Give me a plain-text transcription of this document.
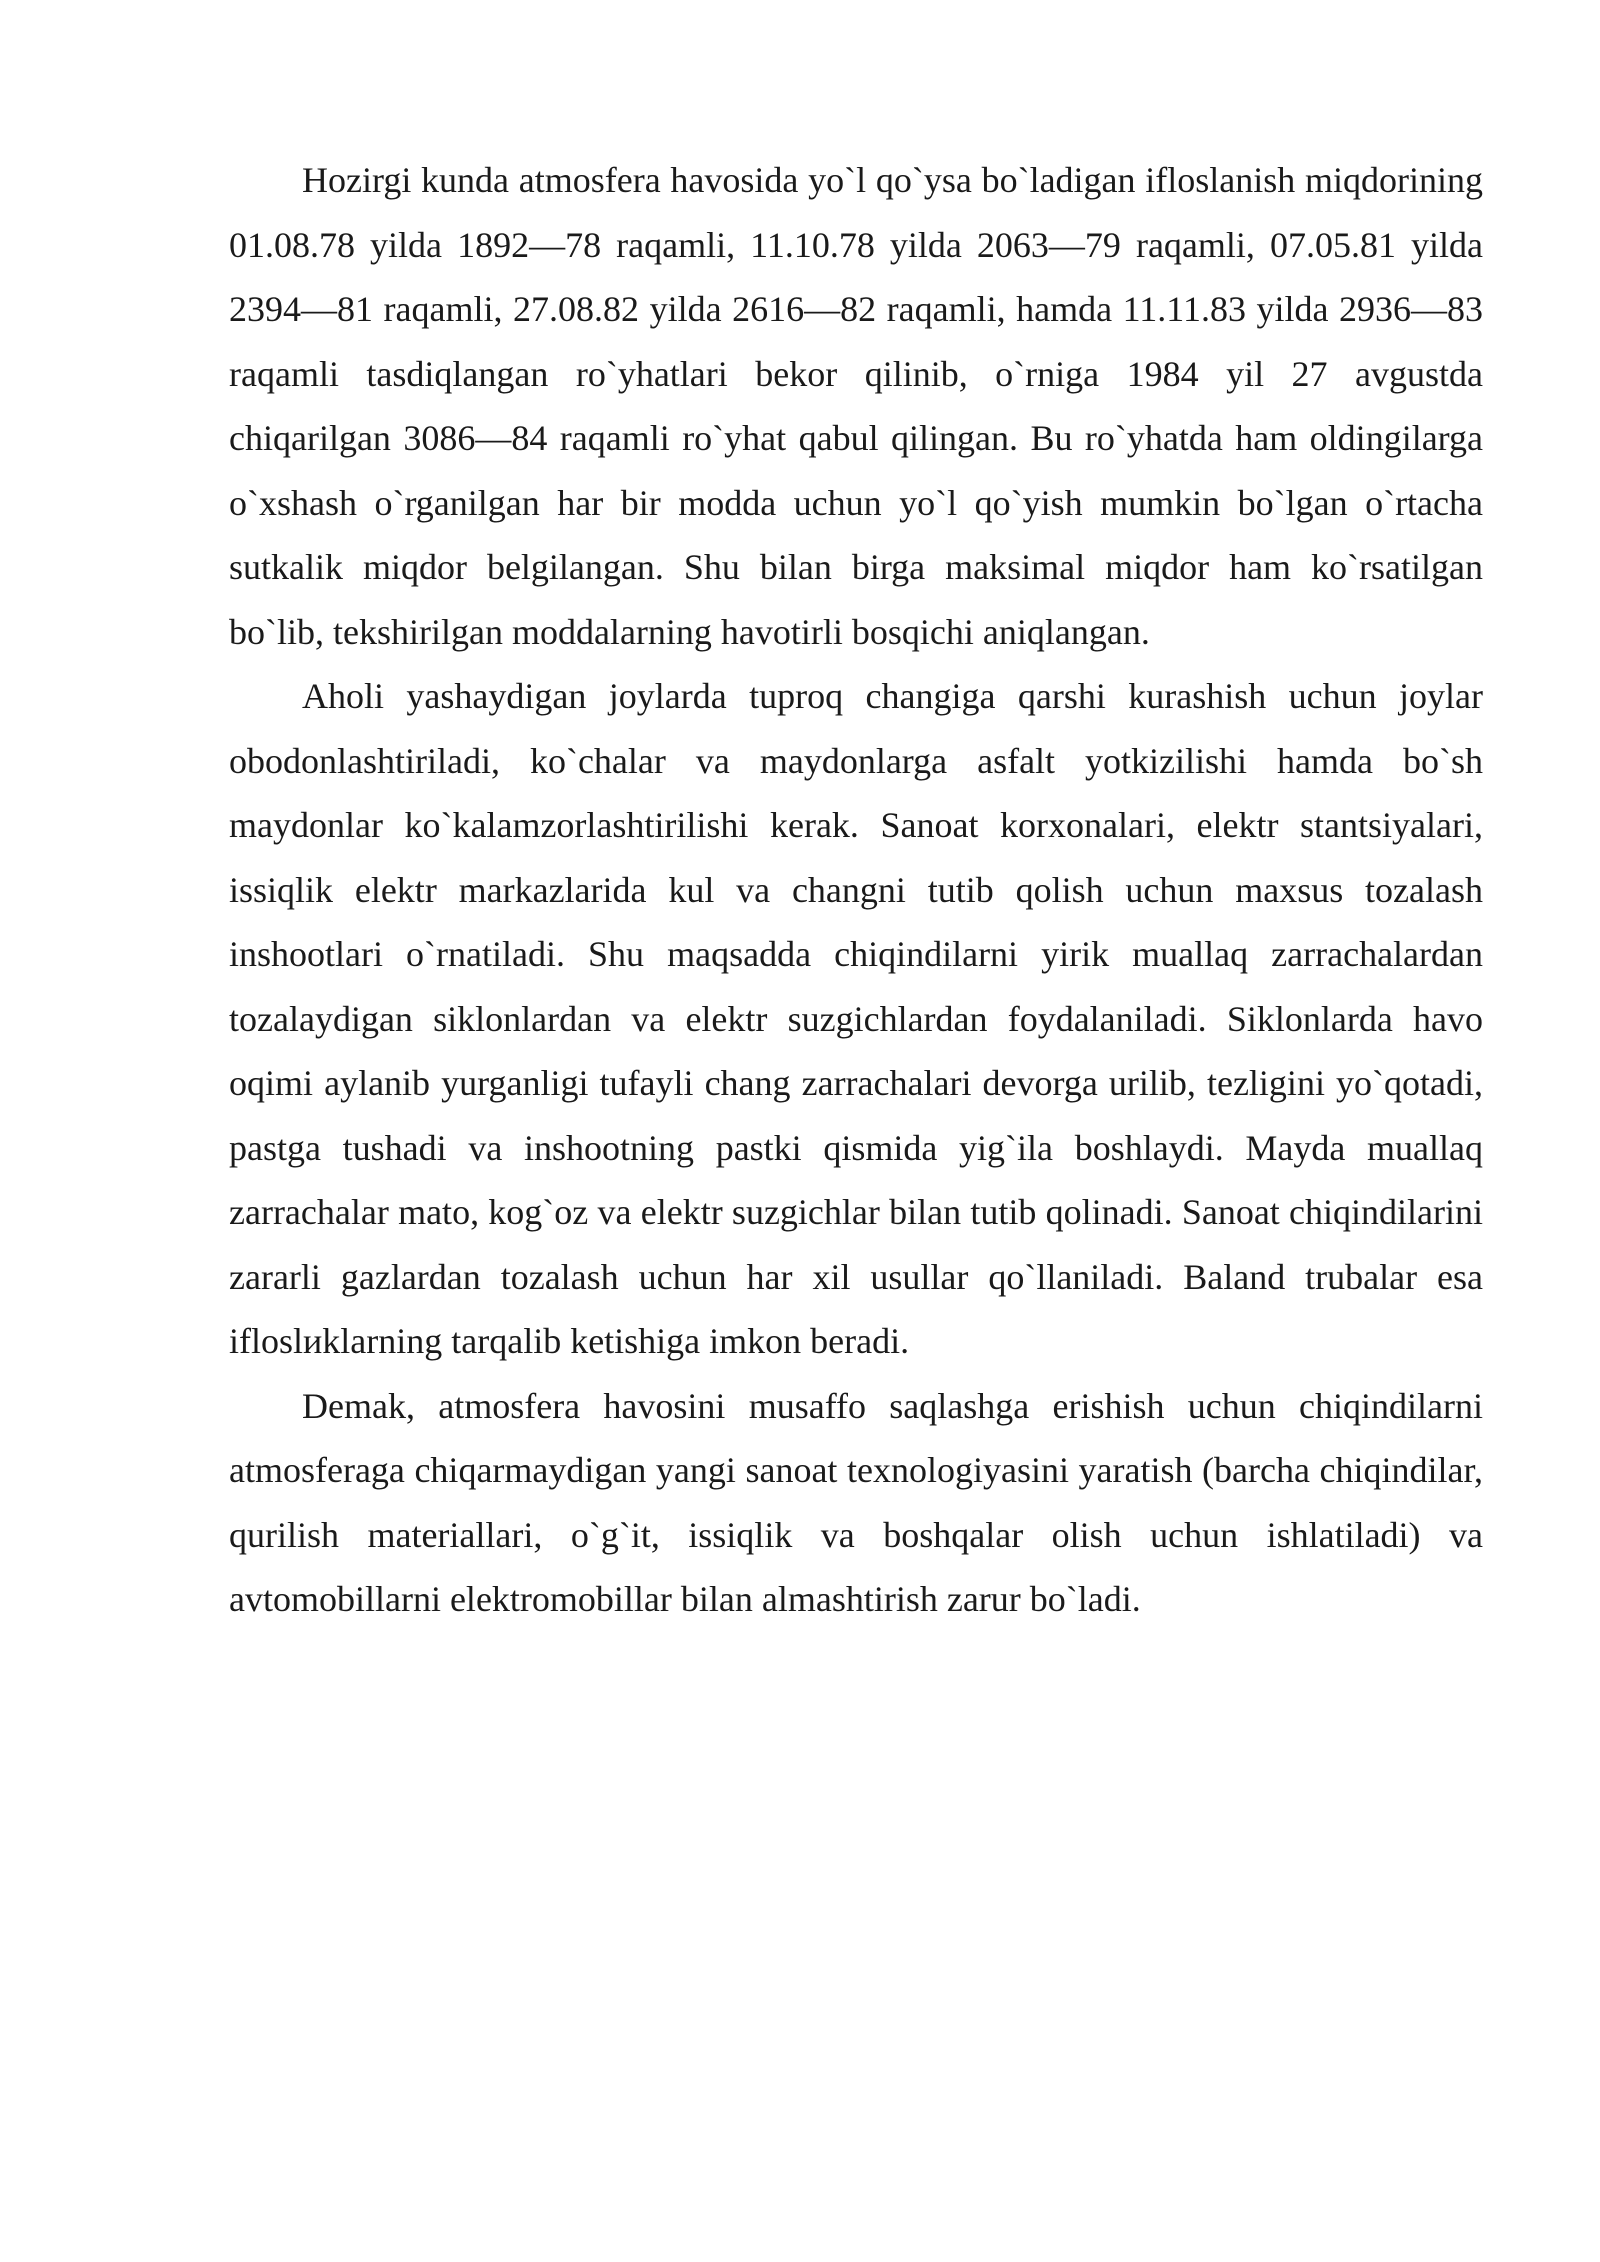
Hozirgi kunda atmosfera havosida yo`l qo`ysa bo`ladigan ifloslanish miqdorining 01.08.78 yilda 1892—78 raqamli, 11.10.78 yilda 2063—79 raqamli, 07.05.81 yilda 2394—81 raqamli, 27.08.82 yilda 2616—82 raqamli, hamda 11.11.83 yilda 2936—83 raqamli tasdiqlangan ro`yhatlari bekor qilinib, o`rniga 1984 yil 27 avgustda chiqarilgan 3086—84 raqamli ro`yhat qabul qilingan. Bu ro`yhatda ham oldingilarga o`xshash o`rganilgan har bir modda uchun yo`l qo`yish mumkin bo`lgan o`rtacha sutkalik miqdor belgilangan. Shu bilan birga maksimal miqdor ham ko`rsatilgan bo`lib, tekshirilgan moddalarning havotirli bosqichi aniqlangan.

Aholi yashaydigan joylarda tuproq changiga qarshi kurashish uchun joylar obodonlashtiriladi, ko`chalar va maydonlarga asfalt yotkizilishi hamda bo`sh maydonlar ko`kalamzorlashtirilishi kerak. Sanoat korxonalari, elektr stantsiyalari, issiqlik elektr markazlarida kul va changni tutib qolish uchun maxsus tozalash inshootlari o`rnatiladi. Shu maqsadda chiqindilarni yirik muallaq zarrachalardan tozalaydigan siklonlardan va elektr suzgichlardan foydalaniladi. Siklonlarda havo oqimi aylanib yurganligi tufayli chang zarrachalari devorga urilib, tezligini yo`qotadi, pastga tushadi va inshootning pastki qismida yig`ila boshlaydi. Mayda muallaq zarrachalar mato, kog`oz va elektr suzgichlar bilan tutib qolinadi. Sanoat chiqindilarini zararli gazlardan tozalash uchun har xil usullar qo`llaniladi. Baland trubalar esa ifloslиklarning tarqalib ketishiga imkon beradi.

Demak, atmosfera havosini musaffo saqlashga erishish uchun chiqindilarni atmosferaga chiqarmaydigan yangi sanoat texnologiyasini yaratish (barcha chiqindilar, qurilish materiallari, o`g`it, issiqlik va boshqalar olish uchun ishlatiladi) va avtomobillarni elektromobillar bilan almashtirish zarur bo`ladi.
